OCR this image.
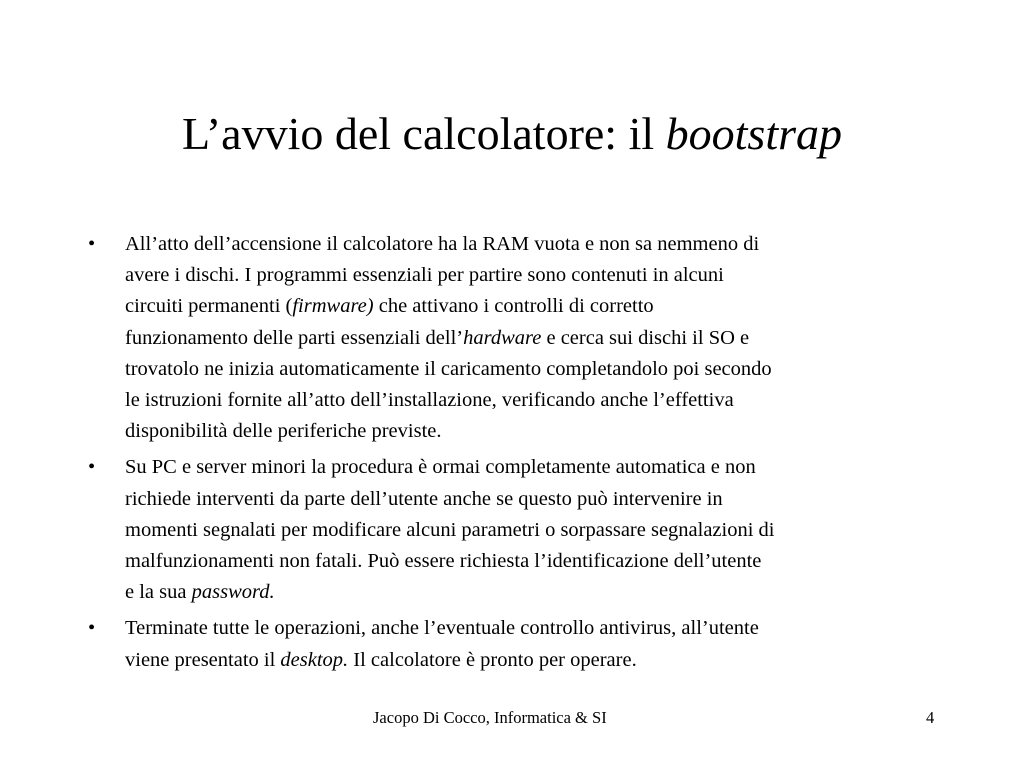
L’avvio del calcolatore: il bootstrap
• All’atto dell’accensione il calcolatore ha la RAM vuota e non sa nemmeno di
avere i dischi. I programmi essenziali per partire sono contenuti in alcuni
circuiti permanenti (firmware) che attivano i controlli di corretto
funzionamento delle parti essenziali dell’hardware e cerca sui dischi il SO e
trovatolo ne inizia automaticamente il caricamento completandolo poi secondo
le istruzioni fornite all’atto dell’installazione, verificando anche l’effettiva
disponibilità delle periferiche previste.
• Su PC e server minori la procedura è ormai completamente automatica e non
richiede interventi da parte dell’utente anche se questo può intervenire in
momenti segnalati per modificare alcuni parametri o sorpassare segnalazioni di
malfunzionamenti non fatali. Può essere richiesta l’identificazione dell’utente
e la sua password.
• Terminate tutte le operazioni, anche l’eventuale controllo antivirus, all’utente
viene presentato il desktop. Il calcolatore è pronto per operare.
Jacopo Di Cocco, Informatica & SI	4
